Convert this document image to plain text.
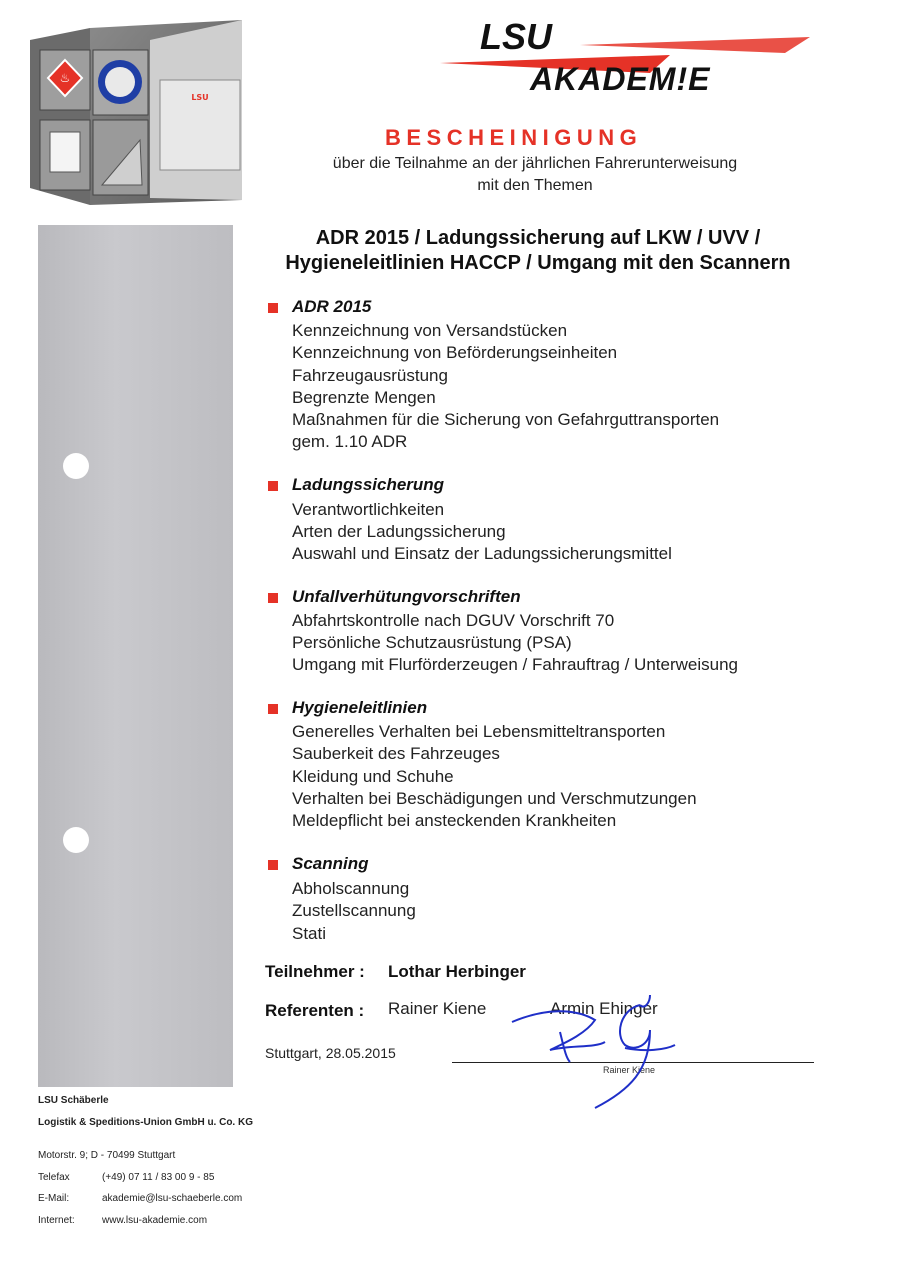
♨
LSU
LSU
AKADEM!E
BESCHEINIGUNG
über die Teilnahme an der jährlichen Fahrerunterweisung
mit den Themen
ADR 2015 / Ladungssicherung auf LKW / UVV /
Hygieneleitlinien HACCP / Umgang mit den Scannern
ADR 2015
Kennzeichnung von Versandstücken
Kennzeichnung von Beförderungseinheiten
Fahrzeugausrüstung
Begrenzte Mengen
Maßnahmen für die Sicherung von Gefahrguttransporten
gem. 1.10 ADR
Ladungssicherung
Verantwortlichkeiten
Arten der Ladungssicherung
Auswahl und Einsatz der Ladungssicherungsmittel
Unfallverhütungvorschriften
Abfahrtskontrolle nach DGUV Vorschrift 70
Persönliche Schutzausrüstung (PSA)
Umgang mit Flurförderzeugen / Fahrauftrag / Unterweisung
Hygieneleitlinien
Generelles Verhalten bei Lebensmitteltransporten
Sauberkeit des Fahrzeuges
Kleidung und Schuhe
Verhalten bei Beschädigungen und Verschmutzungen
Meldepflicht bei ansteckenden Krankheiten
Scanning
Abholscannung
Zustellscannung
Stati
Teilnehmer : Lothar Herbinger
Referenten : Rainer Kiene	Armin Ehinger
Stuttgart, 28.05.2015
Rainer Kiene
LSU Schäberle
Logistik & Speditions-Union GmbH u. Co. KG
Motorstr. 9; D - 70499 Stuttgart
Telefax	(+49) 07 11 / 83 00 9 - 85
E-Mail:	akademie@lsu-schaeberle.com
Internet:	www.lsu-akademie.com
